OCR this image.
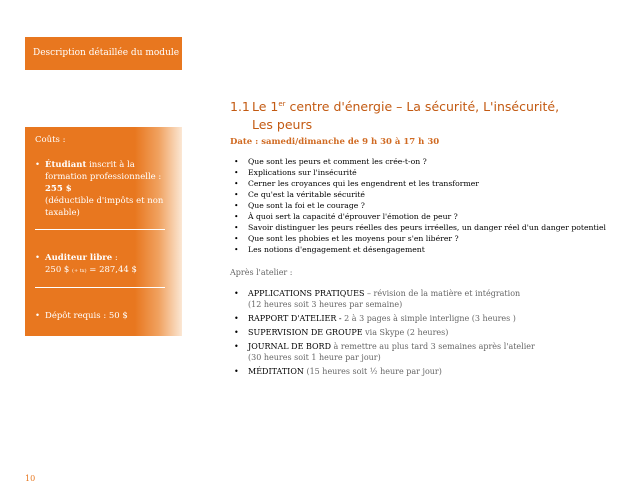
Description détaillée du module 1
Coûts :
• Étudiant inscrit à la formation professionnelle : 255 $
(déductible d'impôts et non taxable)
• Auditeur libre :
250 $ (+ tx) = 287,44 $
• Dépôt requis : 50 $
1.1 Le 1er centre d'énergie – La sécurité, L'insécurité,
Les peurs
Date : samedi/dimanche de 9 h 30 à 17 h 30
•	Que sont les peurs et comment les crée-t-on ?
•	Explications sur l'insécurité
•	Cerner les croyances qui les engendrent et les transformer
•	Ce qu'est la véritable sécurité
•	Que sont la foi et le courage ?
•	À quoi sert la capacité d'éprouver l'émotion de peur ?
•	Savoir distinguer les peurs réelles des peurs irréelles, un danger réel d'un danger potentiel
•	Que sont les phobies et les moyens pour s'en libérer ?
•	Les notions d'engagement et désengagement
Après l'atelier :
•	APPLICATIONS PRATIQUES – révision de la matière et intégration
(12 heures soit 3 heures par semaine)
•	RAPPORT D'ATELIER - 2 à 3 pages à simple interligne (3 heures )
•	SUPERVISION DE GROUPE via Skype (2 heures)
•	JOURNAL DE BORD à remettre au plus tard 3 semaines après l'atelier
(30 heures soit 1 heure par jour)
•	MÉDITATION (15 heures soit ½ heure par jour)
10
